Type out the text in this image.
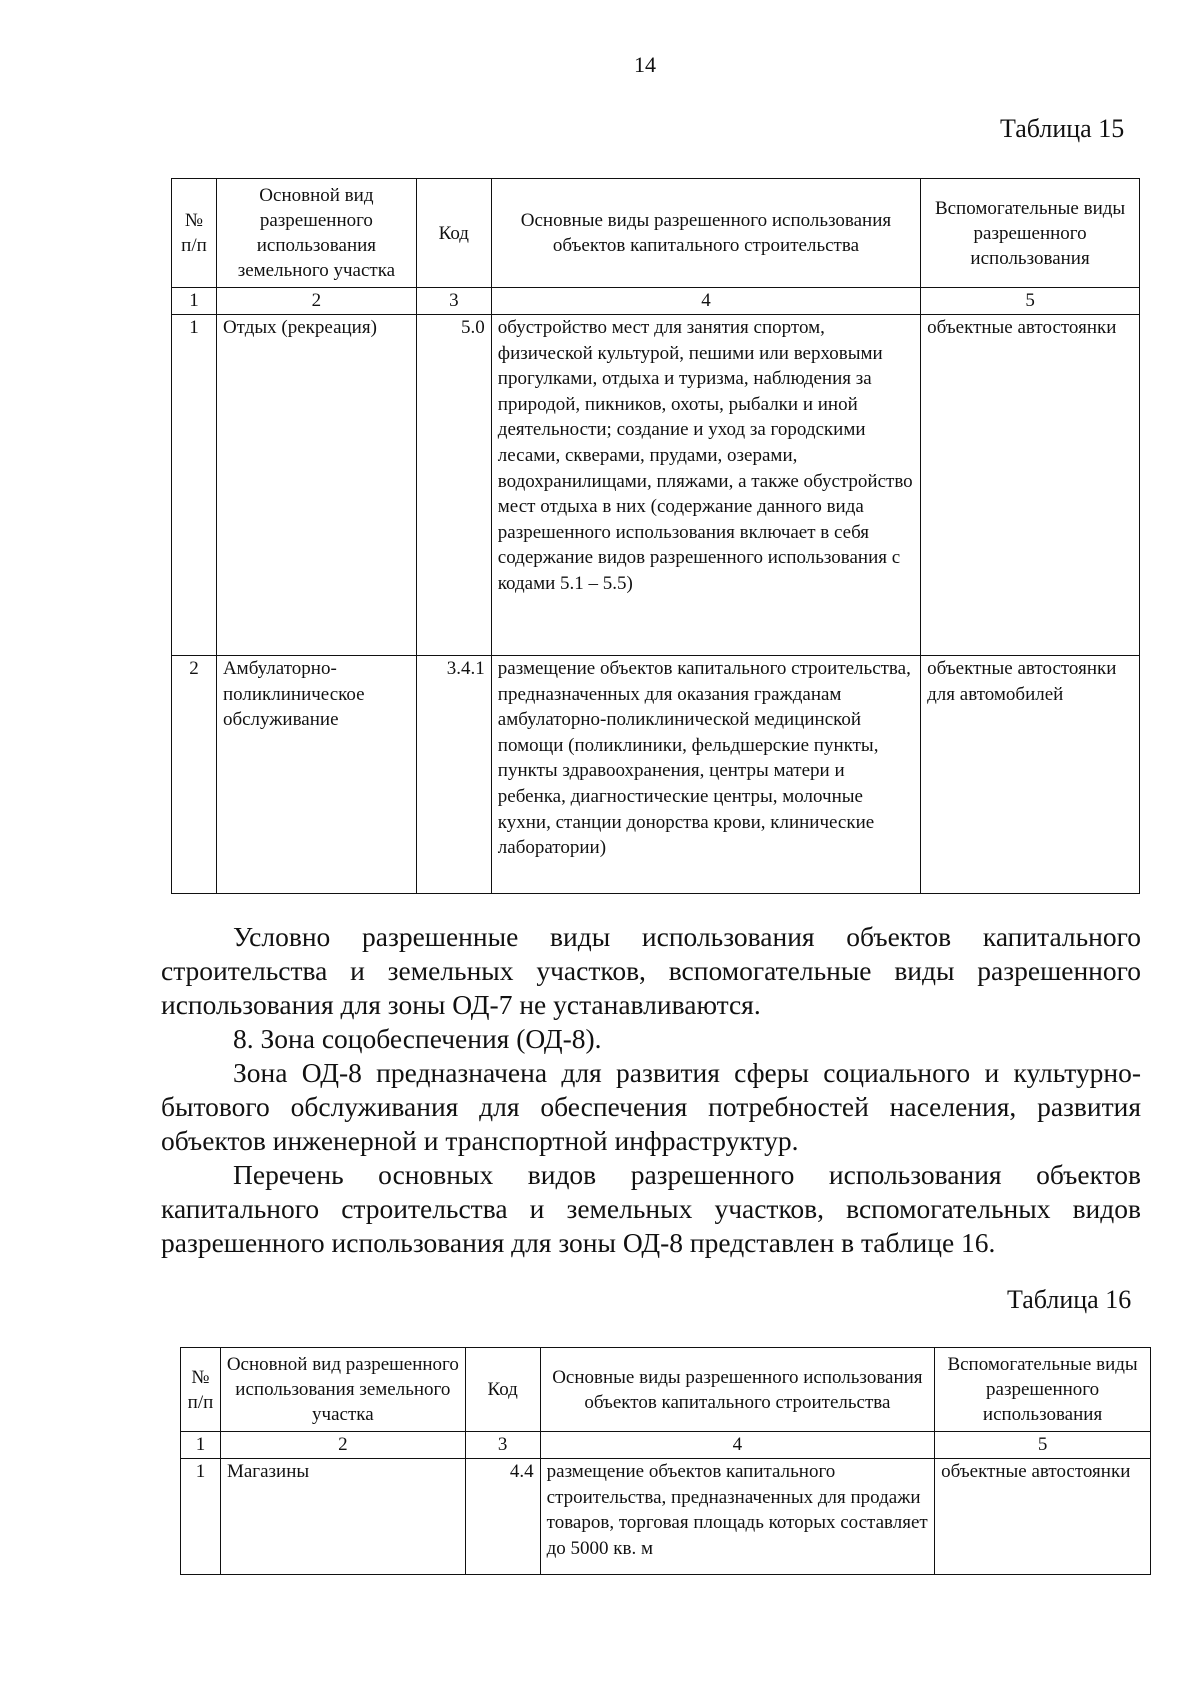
14
Таблица 15
№ п/п	Основной вид разрешенного использования земельного участка	Код	Основные виды разрешенного использования объектов капитального строительства	Вспомогательные виды разрешенного использования
1	2	3	4	5
1	Отдых (рекреация)	5.0	обустройство мест для занятия спортом, физической культурой, пешими или верховыми прогулками, отдыха и туризма, наблюдения за природой, пикников, охоты, рыбалки и иной деятельности; создание и уход за городскими лесами, скверами, прудами, озерами, водохранилищами, пляжами, а также обустройство мест отдыха в них (содержание данного вида разрешенного использования включает в себя содержание видов разрешенного использования с кодами 5.1 – 5.5)	объектные автостоянки
2	Амбулаторно-поликлиническое обслуживание	3.4.1	размещение объектов капитального строительства, предназначенных для оказания гражданам амбулаторно-поликлинической медицинской помощи (поликлиники, фельдшерские пункты, пункты здравоохранения, центры матери и ребенка, диагностические центры, молочные кухни, станции донорства крови, клинические лаборатории)	объектные автостоянки для автомобилей

Условно разрешенные виды использования объектов капитального строительства и земельных участков, вспомогательные виды разрешенного использования для зоны ОД-7 не устанавливаются.

8. Зона соцобеспечения (ОД-8).

Зона ОД-8 предназначена для развития сферы социального и культурно-бытового обслуживания для обеспечения потребностей населения, развития объектов инженерной и транспортной инфраструктур.

Перечень основных видов разрешенного использования объектов капитального строительства и земельных участков, вспомогательных видов разрешенного использования для зоны ОД-8 представлен в таблице 16.

Таблица 16
№ п/п	Основной вид разрешенного использования земельного участка	Код	Основные виды разрешенного использования объектов капитального строительства	Вспомогательные виды разрешенного использования
1	2	3	4	5
1	Магазины	4.4	размещение объектов капитального строительства, предназначенных для продажи товаров, торговая площадь которых составляет до 5000 кв. м	объектные автостоянки
